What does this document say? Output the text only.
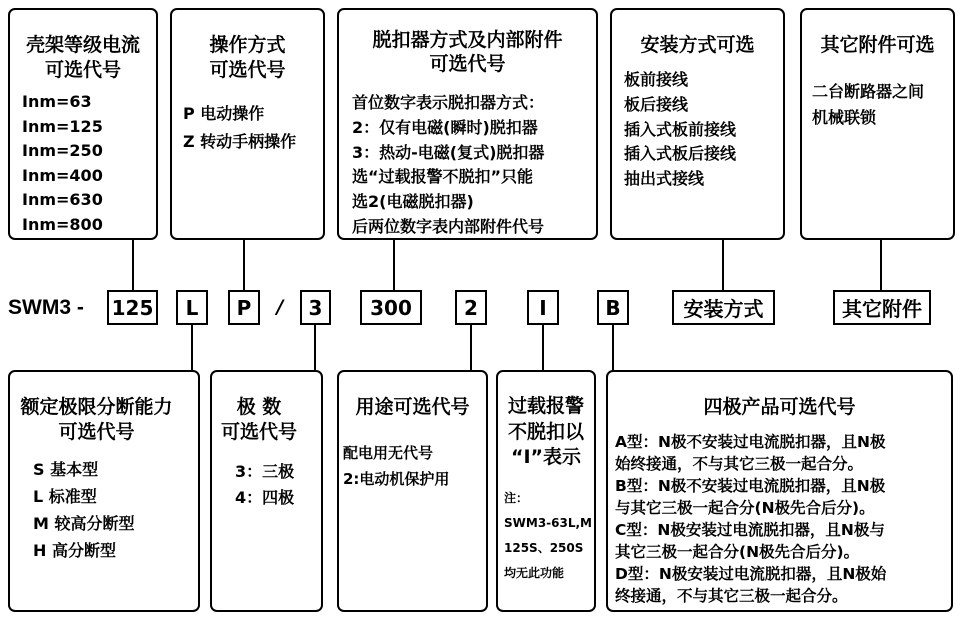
壳架等级电流
可选代号
Inm=63
Inm=125
Inm=250
Inm=400
Inm=630
Inm=800
操作方式
可选代号
P 电动操作
Z 转动手柄操作
脱扣器方式及内部附件
可选代号
首位数字表示脱扣器方式：
2：仅有电磁(瞬时)脱扣器
3：热动-电磁(复式)脱扣器
选“过载报警不脱扣”只能
选2(电磁脱扣器)
后两位数字表内部附件代号
安装方式可选
板前接线
板后接线
插入式板前接线
插入式板后接线
抽出式接线
其它附件可选
二台断路器之间
机械联锁
SWM3 - 125	L	P	/	3	300	2	I	B	安装方式	其它附件
额定极限分断能力
可选代号
S 基本型
L 标准型
M 较高分断型
H 高分断型
极 数
可选代号
3：三极
4：四极
用途可选代号
配电用无代号
2:电动机保护用
过载报警
不脱扣以
“I”表示
注：
SWM3-63L,M
125S、250S
均无此功能
四极产品可选代号
A型：N极不安装过电流脱扣器，且N极
始终接通，不与其它三极一起合分。
B型：N极不安装过电流脱扣器，且N极
与其它三极一起合分(N极先合后分)。
C型：N极安装过电流脱扣器，且N极与
其它三极一起合分(N极先合后分)。
D型：N极安装过电流脱扣器，且N极始
终接通，不与其它三极一起合分。
